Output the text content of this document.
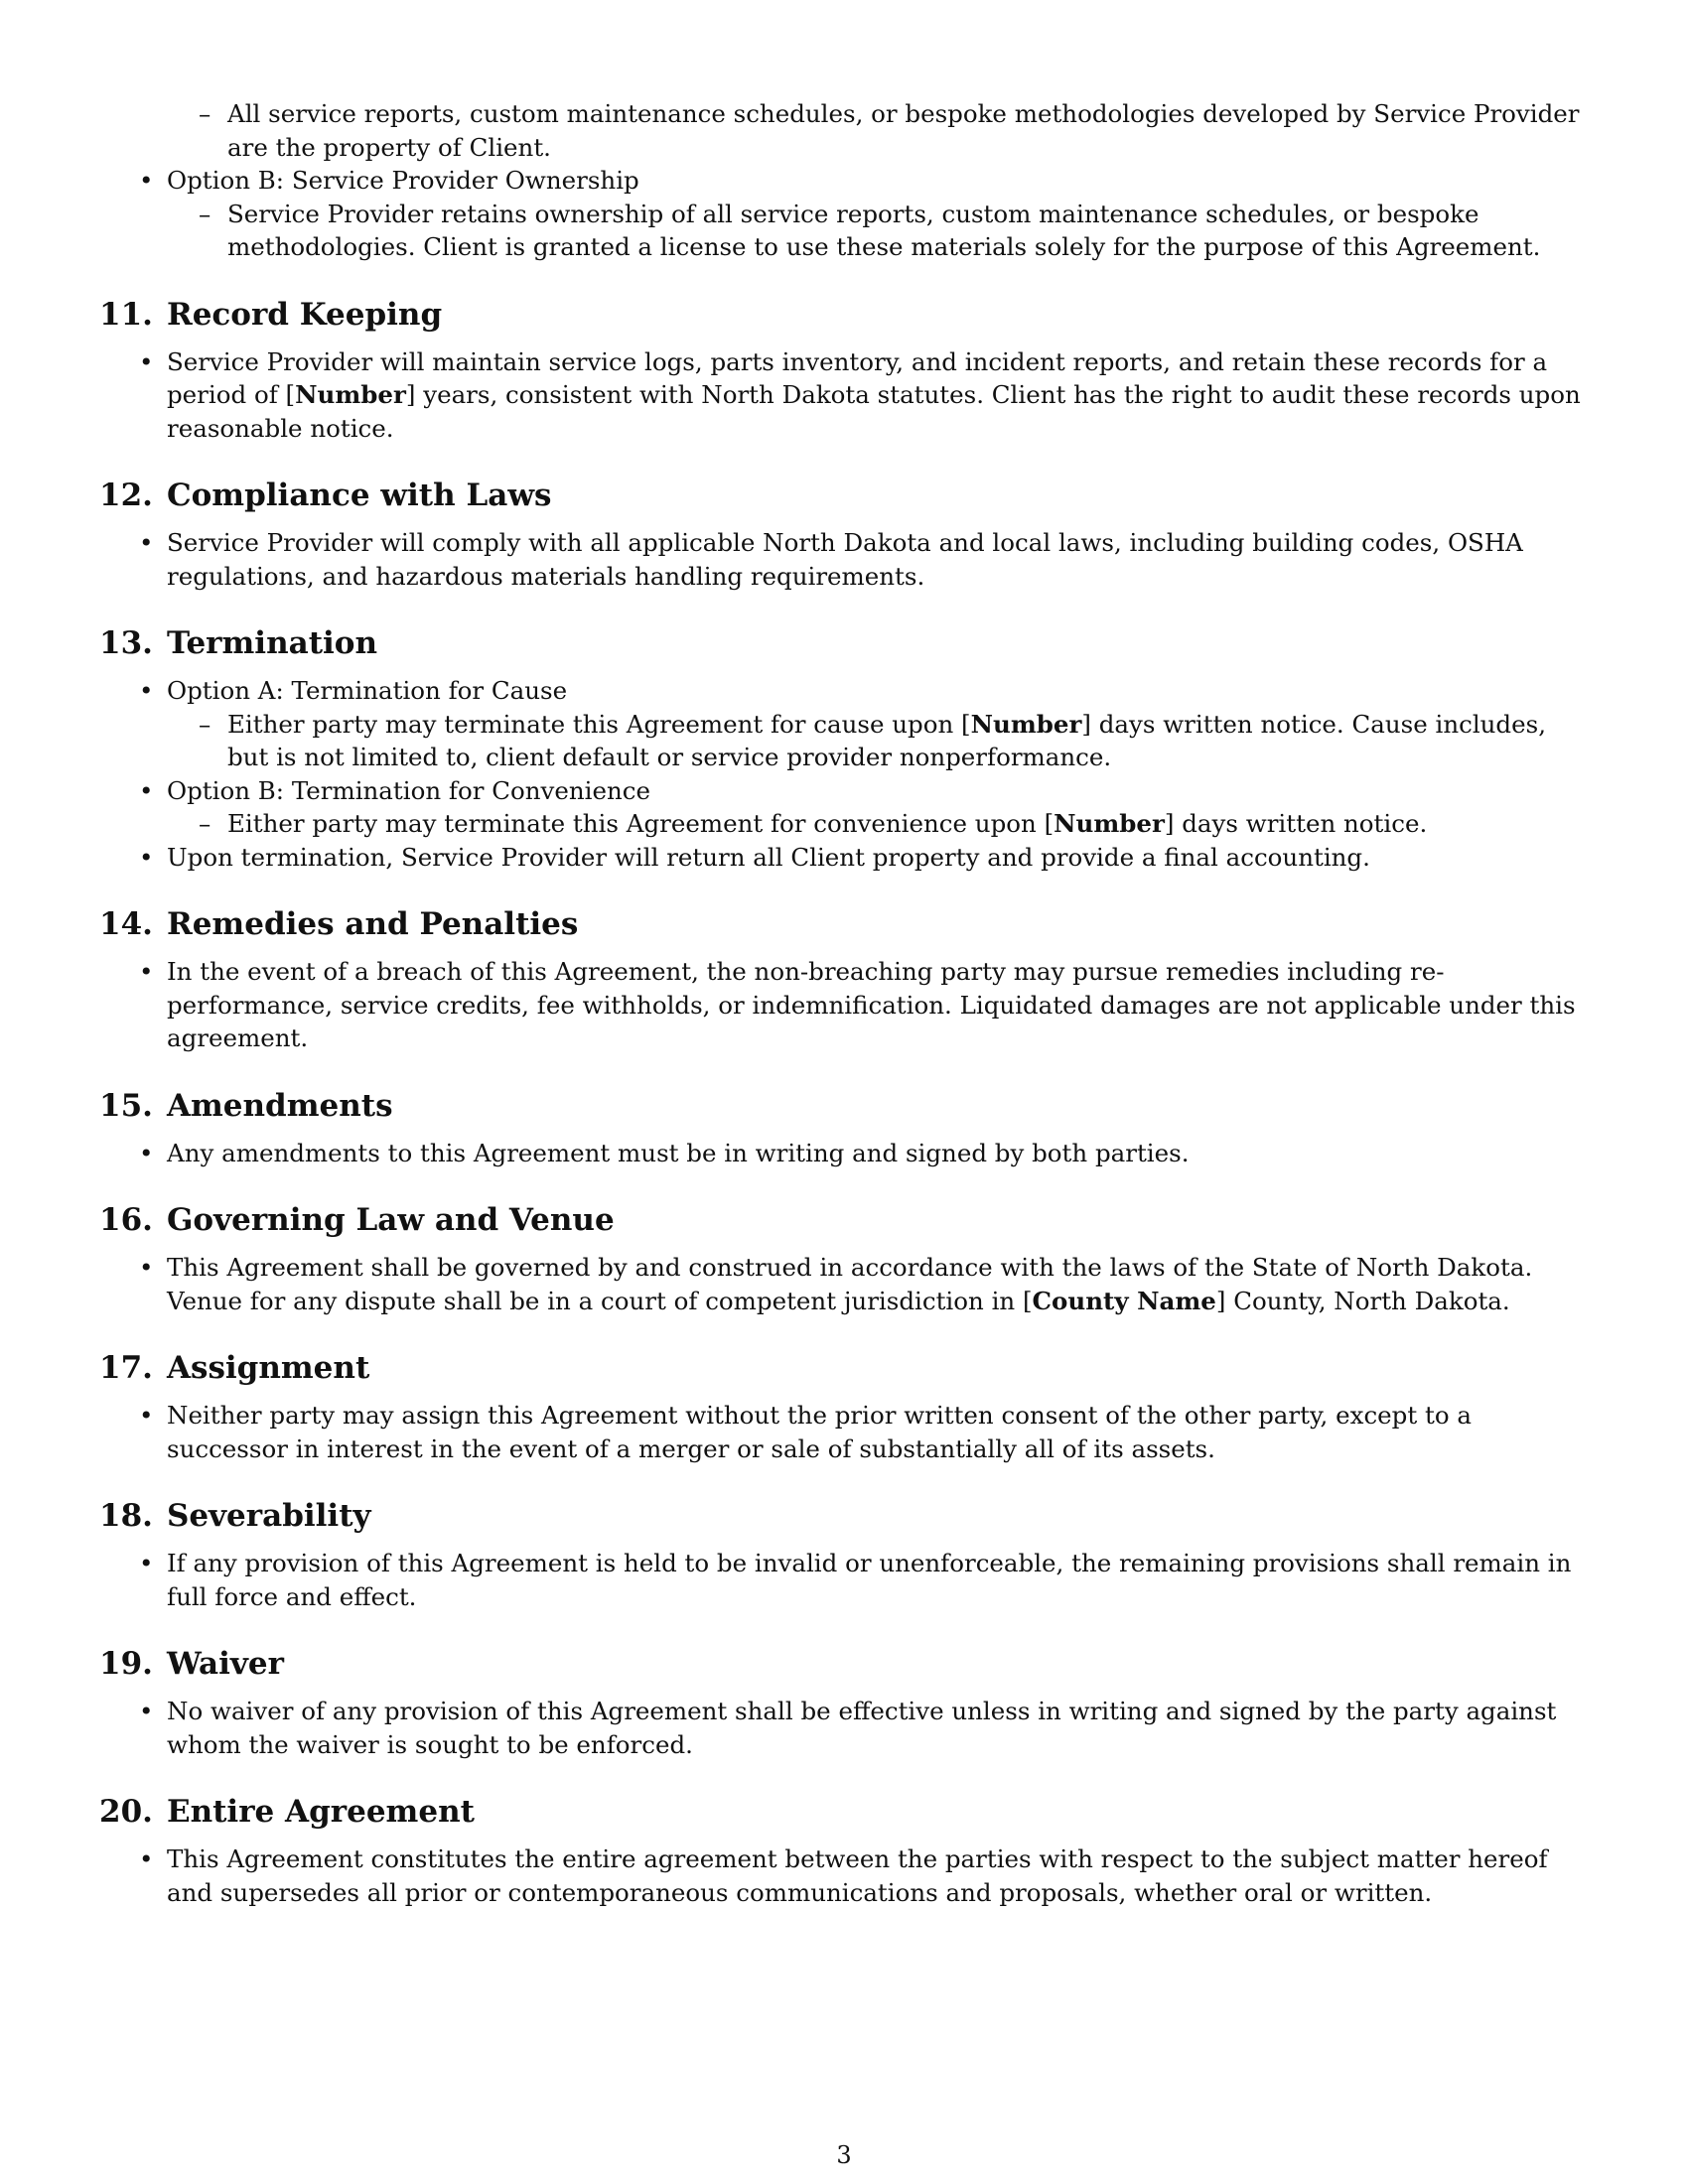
– All service reports, custom maintenance schedules, or bespoke methodologies developed by Service Provider are the property of Client.
• Option B: Service Provider Ownership
– Service Provider retains ownership of all service reports, custom maintenance schedules, or bespoke methodologies. Client is granted a license to use these materials solely for the purpose of this Agreement.
11. Record Keeping
• Service Provider will maintain service logs, parts inventory, and incident reports, and retain these records for a period of [Number] years, consistent with North Dakota statutes. Client has the right to audit these records upon reasonable notice.
12. Compliance with Laws
• Service Provider will comply with all applicable North Dakota and local laws, including building codes, OSHA regulations, and hazardous materials handling requirements.
13. Termination
• Option A: Termination for Cause
– Either party may terminate this Agreement for cause upon [Number] days written notice. Cause includes, but is not limited to, client default or service provider nonperformance.
• Option B: Termination for Convenience
– Either party may terminate this Agreement for convenience upon [Number] days written notice.
• Upon termination, Service Provider will return all Client property and provide a final accounting.
14. Remedies and Penalties
• In the event of a breach of this Agreement, the non-breaching party may pursue remedies including re-performance, service credits, fee withholds, or indemnification. Liquidated damages are not applicable under this agreement.
15. Amendments
• Any amendments to this Agreement must be in writing and signed by both parties.
16. Governing Law and Venue
• This Agreement shall be governed by and construed in accordance with the laws of the State of North Dakota. Venue for any dispute shall be in a court of competent jurisdiction in [County Name] County, North Dakota.
17. Assignment
• Neither party may assign this Agreement without the prior written consent of the other party, except to a successor in interest in the event of a merger or sale of substantially all of its assets.
18. Severability
• If any provision of this Agreement is held to be invalid or unenforceable, the remaining provisions shall remain in full force and effect.
19. Waiver
• No waiver of any provision of this Agreement shall be effective unless in writing and signed by the party against whom the waiver is sought to be enforced.
20. Entire Agreement
• This Agreement constitutes the entire agreement between the parties with respect to the subject matter hereof and supersedes all prior or contemporaneous communications and proposals, whether oral or written.
3
